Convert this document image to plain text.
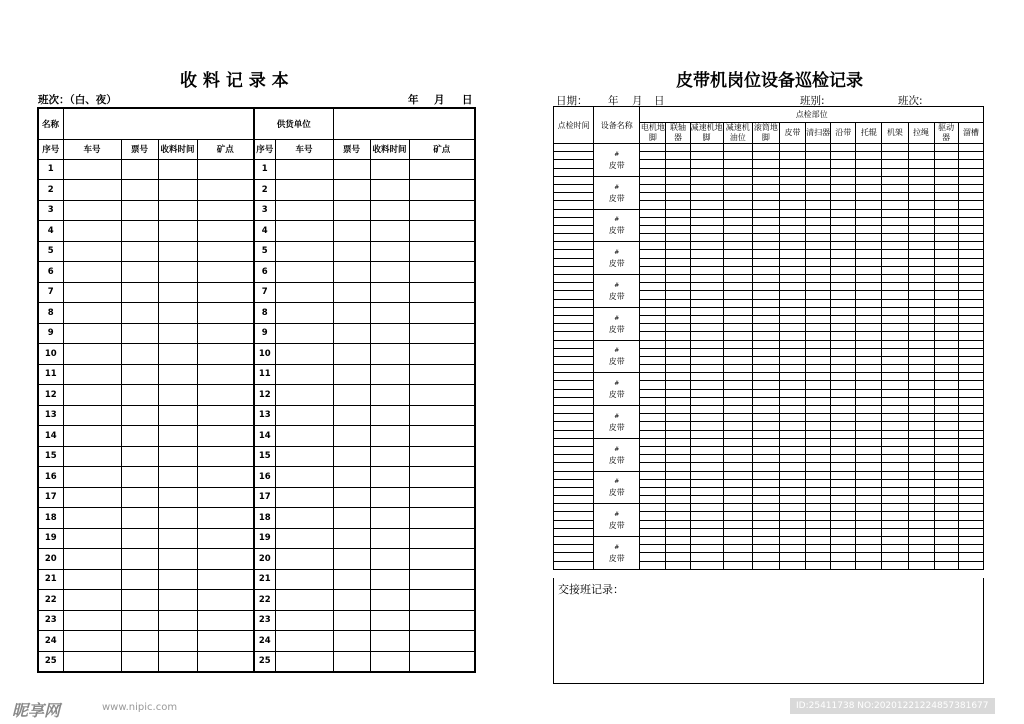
收 料 记 录 本
班次：（白、夜）	年 月 日
名称					供货单位				
序号	车号	票号	收料时间	矿点	序号	车号	票号	收料时间	矿点
1					1				
2					2				
3					3				
4					4				
5					5				
6					6				
7					7				
8					8				
9					9				
10					10				
11					11				
12					12				
13					13				
14					14				
15					15				
16					16				
17					17				
18					18				
19					19				
20					20				
21					21				
22					22				
23					23				
24					24				
25					25				
皮带机岗位设备巡检记录
日期： 年 月 日	班别:	班次:
点检时间	设备名称	点检部位												
		电机地脚	联轴器	减速机地脚	减速机油位	滚筒地脚	皮带	清扫器	沿带	托辊	机架	拉绳	驱动器	溜槽

	#
皮带													

	#
皮带													

	#
皮带													

	#
皮带													

	#
皮带													

	#
皮带													

	#
皮带													

	#
皮带													

	#
皮带													

	#
皮带													

	#
皮带													

	#
皮带													

	#
皮带													

交接班记录：
昵享网	www.nipic.com	ID:25411738 NO:20201221224857381677
